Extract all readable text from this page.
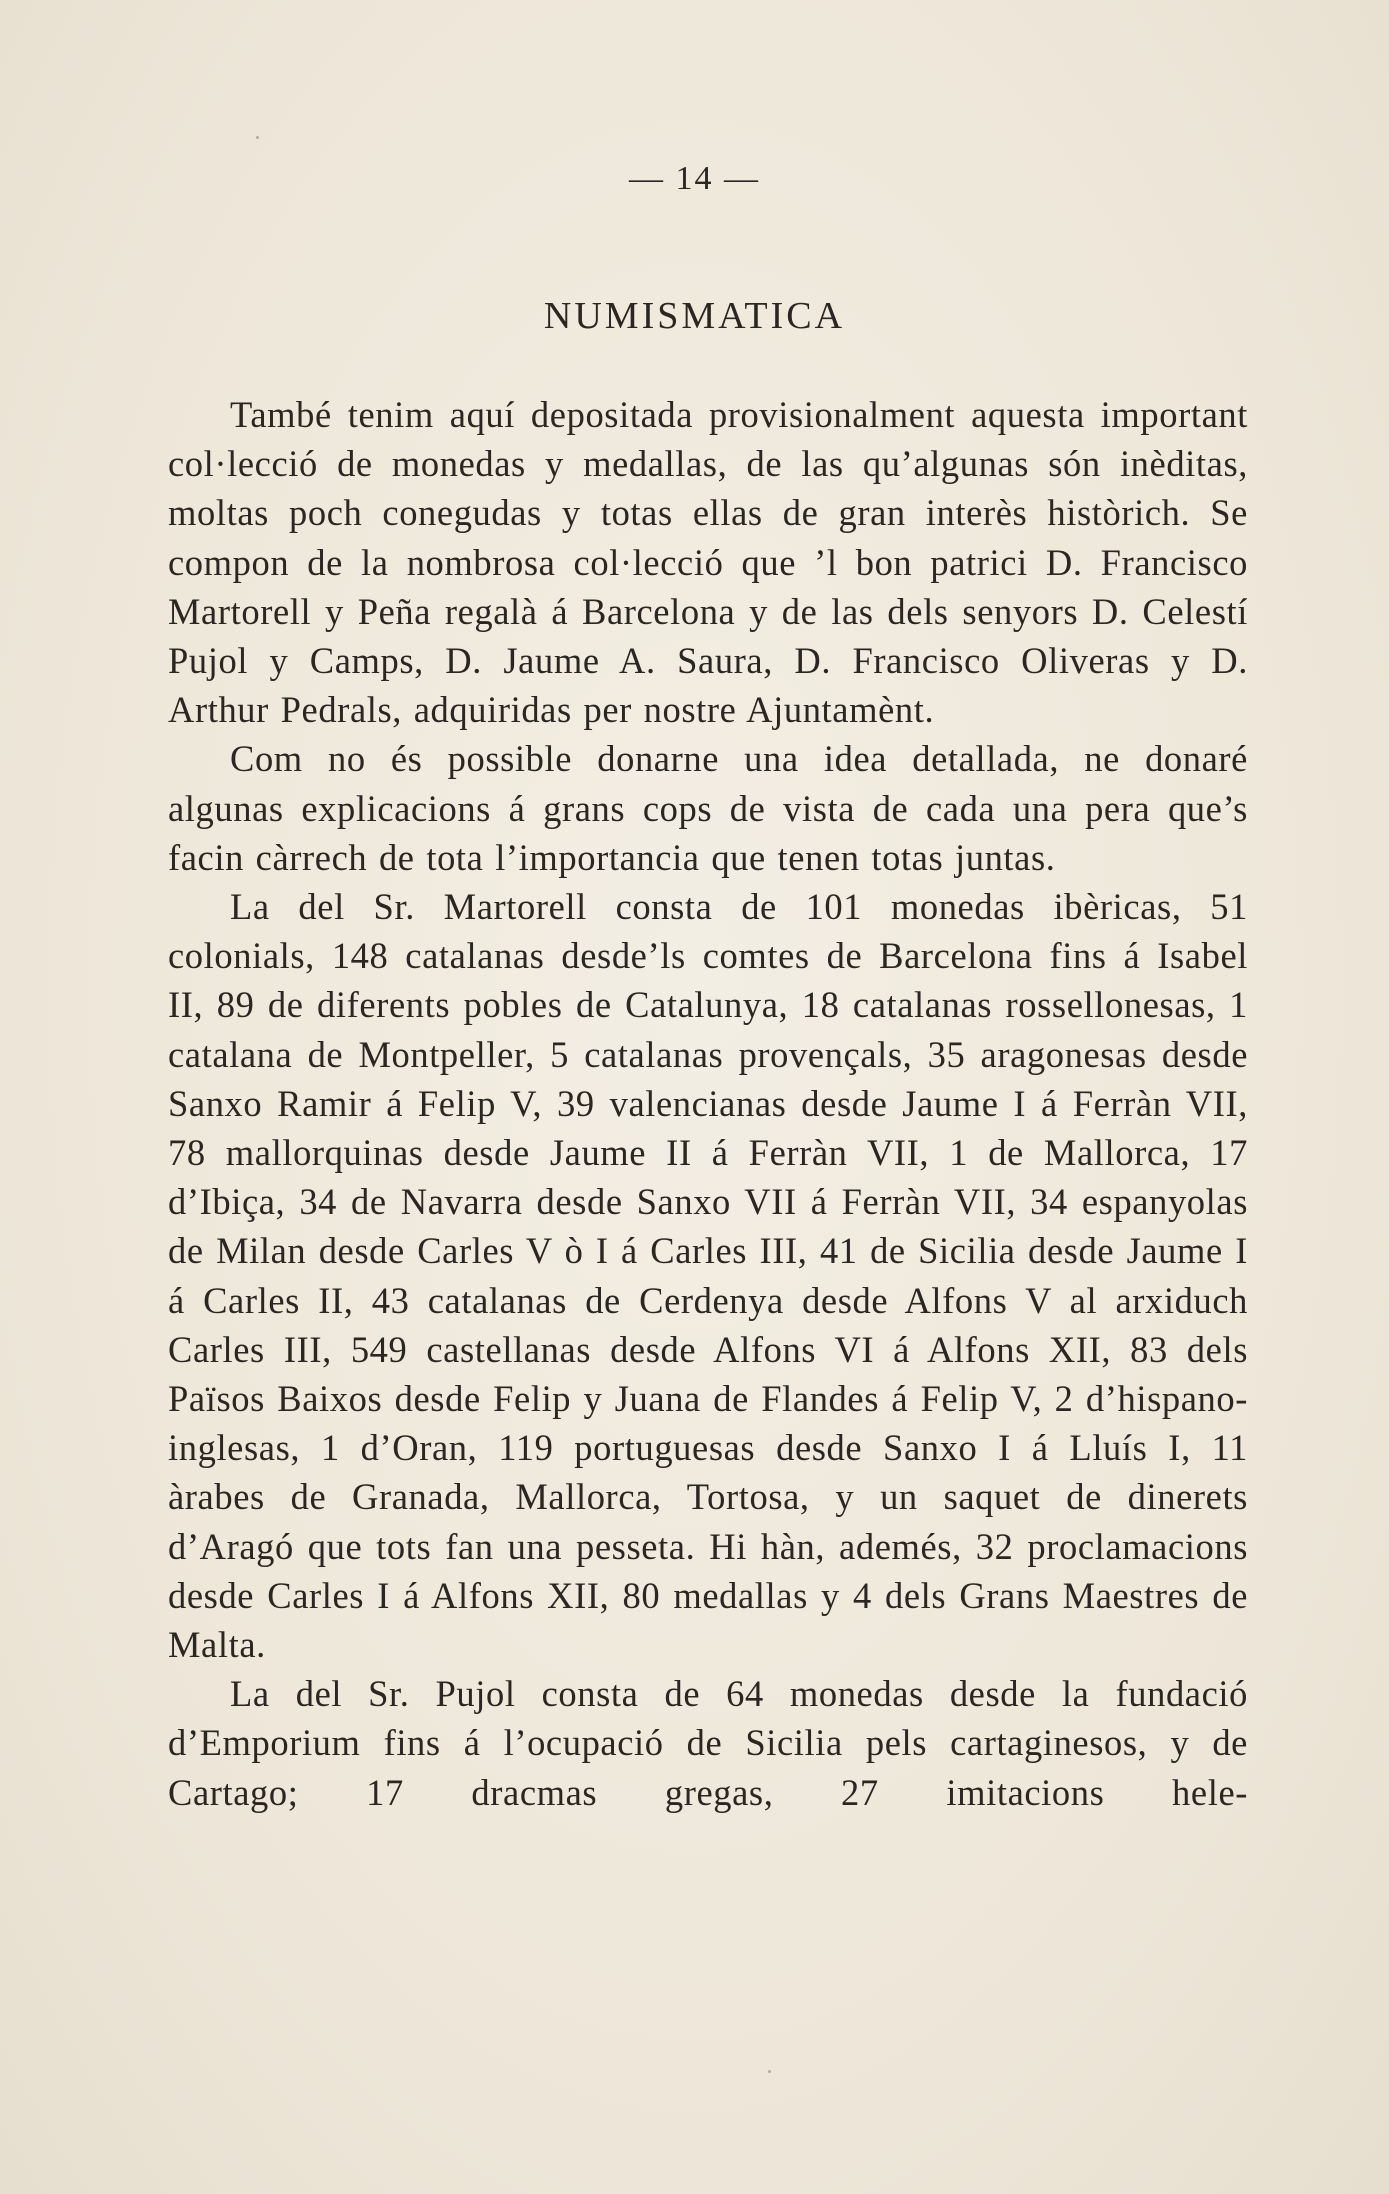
— 14 —
NUMISMATICA

També tenim aquí depositada provisionalment aquesta important col·lecció de monedas y medallas, de las qu’algunas són inèditas, moltas poch conegudas y totas ellas de gran interès històrich. Se compon de la nombrosa col·lecció que ’l bon patrici D. Francisco Martorell y Peña regalà á Barcelona y de las dels senyors D. Celestí Pujol y Camps, D. Jaume A. Saura, D. Francisco Oliveras y D. Arthur Pedrals, adquiridas per nostre Ajuntamènt.

Com no és possible donarne una idea detallada, ne donaré algunas explicacions á grans cops de vista de cada una pera que’s facin càrrech de tota l’importancia que tenen totas juntas.

La del Sr. Martorell consta de 101 monedas ibèricas, 51 colonials, 148 catalanas desde’ls comtes de Barcelona fins á Isabel II, 89 de diferents pobles de Catalunya, 18 catalanas rossellonesas, 1 catalana de Montpeller, 5 catalanas provençals, 35 aragonesas desde Sanxo Ramir á Felip V, 39 valencianas desde Jaume I á Ferràn VII, 78 mallorquinas desde Jaume II á Ferràn VII, 1 de Mallorca, 17 d’Ibiça, 34 de Navarra desde Sanxo VII á Ferràn VII, 34 espanyolas de Milan desde Carles V ò I á Carles III, 41 de Sicilia desde Jaume I á Carles II, 43 catalanas de Cerdenya desde Alfons V al arxiduch Carles III, 549 castellanas desde Alfons VI á Alfons XII, 83 dels Països Baixos desde Felip y Juana de Flandes á Felip V, 2 d’hispano-inglesas, 1 d’Oran, 119 portuguesas desde Sanxo I á Lluís I, 11 àrabes de Granada, Mallorca, Tortosa, y un saquet de dinerets d’Aragó que tots fan una pesseta. Hi hàn, ademés, 32 proclamacions desde Carles I á Alfons XII, 80 medallas y 4 dels Grans Maestres de Malta.

La del Sr. Pujol consta de 64 monedas desde la fundació d’Emporium fins á l’ocupació de Sicilia pels cartaginesos, y de Cartago; 17 dracmas gregas, 27 imitacions hele-
